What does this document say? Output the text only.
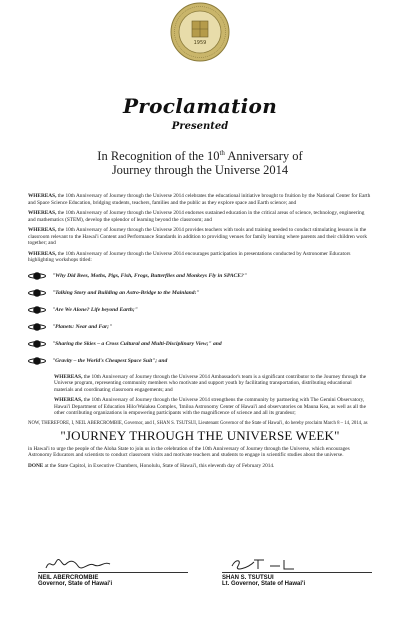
1959
Proclamation
Presented
In Recognition of the 10th Anniversary of
Journey through the Universe 2014

WHEREAS, the 10th Anniversary of Journey through the Universe 2014 celebrates the educational initiative brought to fruition by the National Center for Earth and Space Science Education, bridging students, teachers, families and the public as they explore space and Earth science; and

WHEREAS, the 10th Anniversary of Journey through the Universe 2014 endorses sustained education in the critical areas of science, technology, engineering and mathematics (STEM), develop the splendor of learning beyond the classroom; and

WHEREAS, the 10th Anniversary of Journey through the Universe 2014 provides teachers with tools and training needed to conduct stimulating lessons in the classroom relevant to the Hawai'i Content and Performance Standards in addition to providing venues for family learning where parents and their children work together; and

WHEREAS, the 10th Anniversary of Journey through the Universe 2014 encourages participation in presentations conducted by Astronomer Educators highlighting workshops titled:

"Why Did Bees, Moths, Pigs, Fish, Frogs, Butterflies and Monkeys Fly in SPACE?"
"Talking Story and Building an Astro-Bridge to the Mainland:"
"Are We Alone? Life beyond Earth;"
"Planets: Near and Far;"
"Sharing the Skies – a Cross Cultural and Multi-Disciplinary View;" and
"Gravity – the World's Cheapest Space Suit"; and

WHEREAS, the 10th Anniversary of Journey through the Universe 2014 Ambassador's team is a significant contributor to the Journey through the Universe program, representing community members who motivate and support youth by facilitating transportation, distributing educational materials and coordinating classroom engagements; and

WHEREAS, the 10th Anniversary of Journey through the Universe 2014 strengthens the community by partnering with The Gemini Observatory, Hawai'i Department of Education Hilo/Waiakea Complex, 'Imiloa Astronomy Center of Hawai'i and observatories on Mauna Kea, as well as all the other contributing organizations in empowering participants with the magnificence of science and all its grandeur;

NOW, THEREFORE, I, NEIL ABERCROMBIE, Governor, and I, SHAN S. TSUTSUI, Lieutenant Governor of the State of Hawai'i, do hereby proclaim March 8 – 14, 2014, as

"JOURNEY THROUGH THE UNIVERSE WEEK"

in Hawai'i to urge the people of the Aloha State to join us in the celebration of the 10th Anniversary of Journey through the Universe, which encourages Astronomy Educators and scientists to conduct classroom visits and motivate teachers and students to engage in scientific studies about the universe.

DONE at the State Capitol, in Executive Chambers, Honolulu, State of Hawai'i, this eleventh day of February 2014.

NEIL ABERCROMBIE
Governor, State of Hawai'i
SHAN S. TSUTSUI
Lt. Governor, State of Hawai'i
